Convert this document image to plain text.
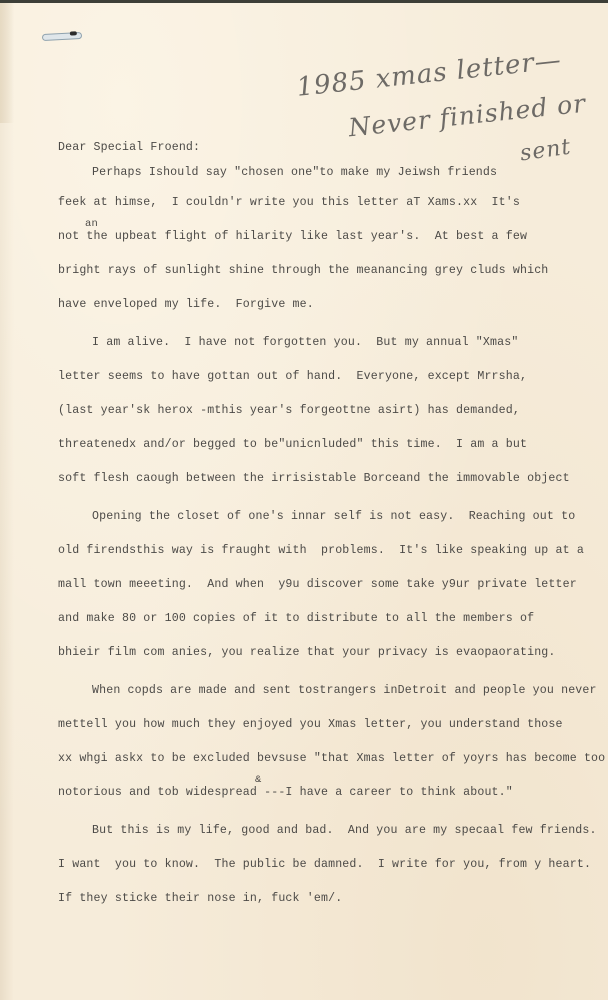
1985 xmas letter—
Never finished or
sent
Dear Special Froend:
Perhaps Ishould say "chosen one"to make my Jeiwsh friends
feek at himse,  I couldn'r write you this letter aT Xams.xx  It's
not the upbeat flight of hilarity like last year's.  At best a few
an
bright rays of sunlight shine through the meanancing grey cluds which
have enveloped my life.  Forgive me.
I am alive.  I have not forgotten you.  But my annual "Xmas"
letter seems to have gottan out of hand.  Everyone, except Mrrsha,
(last year'sk herox -mthis year's forgeottne asirt) has demanded,
threatenedx and/or begged to be"unicnluded" this time.  I am a but
soft flesh caough between the irrisistable Borceand the immovable object
Opening the closet of one's innar self is not easy.  Reaching out to
old firendsthis way is fraught with  problems.  It's like speaking up at a
mall town meeeting.  And when  y9u discover some take y9ur private letter
and make 80 or 100 copies of it to distribute to all the members of
bhieir film com anies, you realize that your privacy is evaopaorating.
When copds are made and sent tostrangers inDetroit and people you never
mettell you how much they enjoyed you Xmas letter, you understand those
xx whgi askx to be excluded bevsuse "that Xmas letter of yoyrs has become too
notorious and tob widespread ---I have a career to think about."
&
But this is my life, good and bad.  And you are my specaal few friends.
I want  you to know.  The public be damned.  I write for you, from y heart.
If they sticke their nose in, fuck 'em/.
